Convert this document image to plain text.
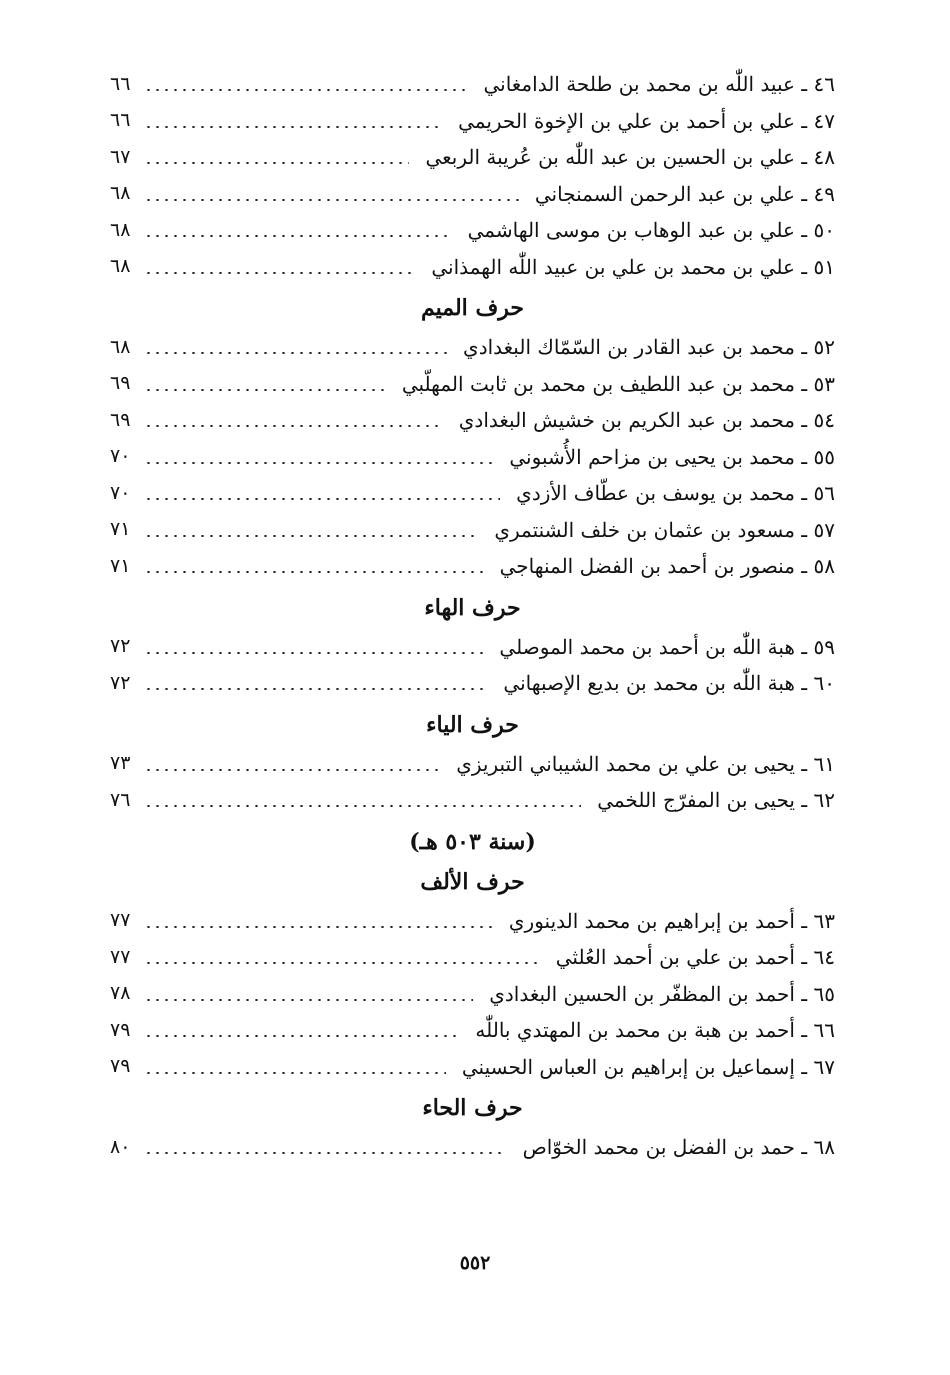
٤٦ ـ عبيد اللّٰه بن محمد بن طلحة الدامغاني
٦٦
٤٧ ـ علي بن أحمد بن علي بن الإخوة الحريمي
٦٦
٤٨ ـ علي بن الحسين بن عبد اللّٰه بن عُريبة الربعي
٦٧
٤٩ ـ علي بن عبد الرحمن السمنجاني
٦٨
٥٠ ـ علي بن عبد الوهاب بن موسى الهاشمي
٦٨
٥١ ـ علي بن محمد بن علي بن عبيد اللّٰه الهمذاني
٦٨
حرف الميم
٥٢ ـ محمد بن عبد القادر بن السّمّاك البغدادي
٦٨
٥٣ ـ محمد بن عبد اللطيف بن محمد بن ثابت المهلّبي
٦٩
٥٤ ـ محمد بن عبد الكريم بن خشيش البغدادي
٦٩
٥٥ ـ محمد بن يحيى بن مزاحم الأُشبوني
٧٠
٥٦ ـ محمد بن يوسف بن عطّاف الأزدي
٧٠
٥٧ ـ مسعود بن عثمان بن خلف الشنتمري
٧١
٥٨ ـ منصور بن أحمد بن الفضل المنهاجي
٧١
حرف الهاء
٥٩ ـ هبة اللّٰه بن أحمد بن محمد الموصلي
٧٢
٦٠ ـ هبة اللّٰه بن محمد بن بديع الإصبهاني
٧٢
حرف الياء
٦١ ـ يحيى بن علي بن محمد الشيباني التبريزي
٧٣
٦٢ ـ يحيى بن المفرّج اللخمي
٧٦
(سنة ٥٠٣ هـ)
حرف الألف
٦٣ ـ أحمد بن إبراهيم بن محمد الدينوري
٧٧
٦٤ ـ أحمد بن علي بن أحمد العُلثي
٧٧
٦٥ ـ أحمد بن المظفّر بن الحسين البغدادي
٧٨
٦٦ ـ أحمد بن هبة بن محمد بن المهتدي باللّٰه
٧٩
٦٧ ـ إسماعيل بن إبراهيم بن العباس الحسيني
٧٩
حرف الحاء
٦٨ ـ حمد بن الفضل بن محمد الخوّاص
٨٠
٥٥٢
